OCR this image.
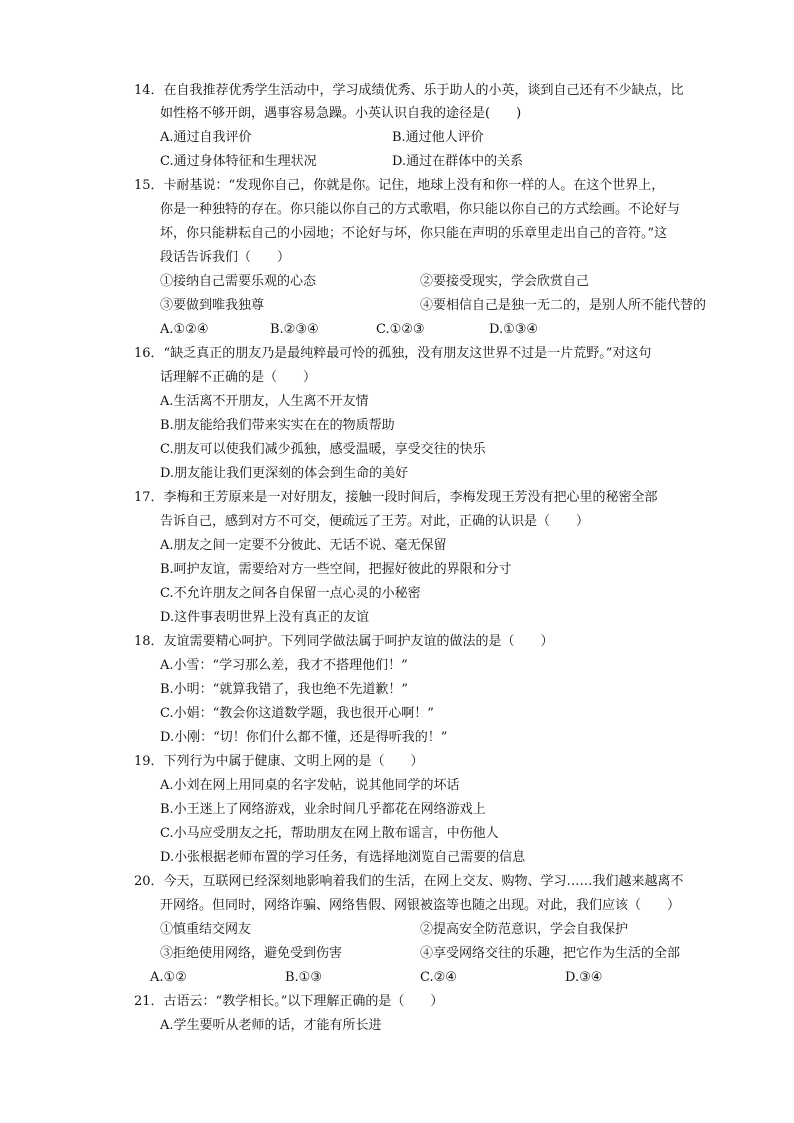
14．在自我推荐优秀学生活动中，学习成绩优秀、乐于助人的小英，谈到自己还有不少缺点，比
如性格不够开朗，遇事容易急躁。小英认识自我的途径是(　　)
A.通过自我评价	B.通过他人评价
C.通过身体特征和生理状况	D.通过在群体中的关系
15．卡耐基说：“发现你自己，你就是你。记住，地球上没有和你一样的人。在这个世界上，
你是一种独特的存在。你只能以你自己的方式歌唱，你只能以你自己的方式绘画。不论好与
坏，你只能耕耘自己的小园地；不论好与坏，你只能在声明的乐章里走出自己的音符。”这
段话告诉我们（　　）
①接纳自己需要乐观的心态	②要接受现实，学会欣赏自己
③要做到唯我独尊	④要相信自己是独一无二的，是别人所不能代替的
A.①②④	B.②③④	C.①②③	D.①③④
16．“缺乏真正的朋友乃是最纯粹最可怜的孤独，没有朋友这世界不过是一片荒野。”对这句
话理解不正确的是（　　）
A.生活离不开朋友，人生离不开友情
B.朋友能给我们带来实实在在的物质帮助
C.朋友可以使我们减少孤独，感受温暖，享受交往的快乐
D.朋友能让我们更深刻的体会到生命的美好
17．李梅和王芳原来是一对好朋友，接触一段时间后，李梅发现王芳没有把心里的秘密全部
告诉自己，感到对方不可交，便疏远了王芳。对此，正确的认识是（　　）
A.朋友之间一定要不分彼此、无话不说、毫无保留
B.呵护友谊，需要给对方一些空间，把握好彼此的界限和分寸
C.不允许朋友之间各自保留一点心灵的小秘密
D.这件事表明世界上没有真正的友谊
18．友谊需要精心呵护。下列同学做法属于呵护友谊的做法的是（　　）
A.小雪：“学习那么差，我才不搭理他们！”
B.小明：“就算我错了，我也绝不先道歉！”
C.小娟：“教会你这道数学题，我也很开心啊！”
D.小刚：“切！你们什么都不懂，还是得听我的！”
19．下列行为中属于健康、文明上网的是（　　）
A.小刘在网上用同桌的名字发帖，说其他同学的坏话
B.小王迷上了网络游戏，业余时间几乎都花在网络游戏上
C.小马应受朋友之托，帮助朋友在网上散布谣言，中伤他人
D.小张根据老师布置的学习任务，有选择地浏览自己需要的信息
20．今天，互联网已经深刻地影响着我们的生活，在网上交友、购物、学习……我们越来越离不
开网络。但同时，网络诈骗、网络售假、网银被盗等也随之出现。对此，我们应该（　　）
①慎重结交网友	②提高安全防范意识，学会自我保护
③拒绝使用网络，避免受到伤害	④享受网络交往的乐趣，把它作为生活的全部
A.①②	B.①③	C.②④	D.③④
21．古语云：“教学相长。”以下理解正确的是（　　）
A.学生要听从老师的话，才能有所长进
